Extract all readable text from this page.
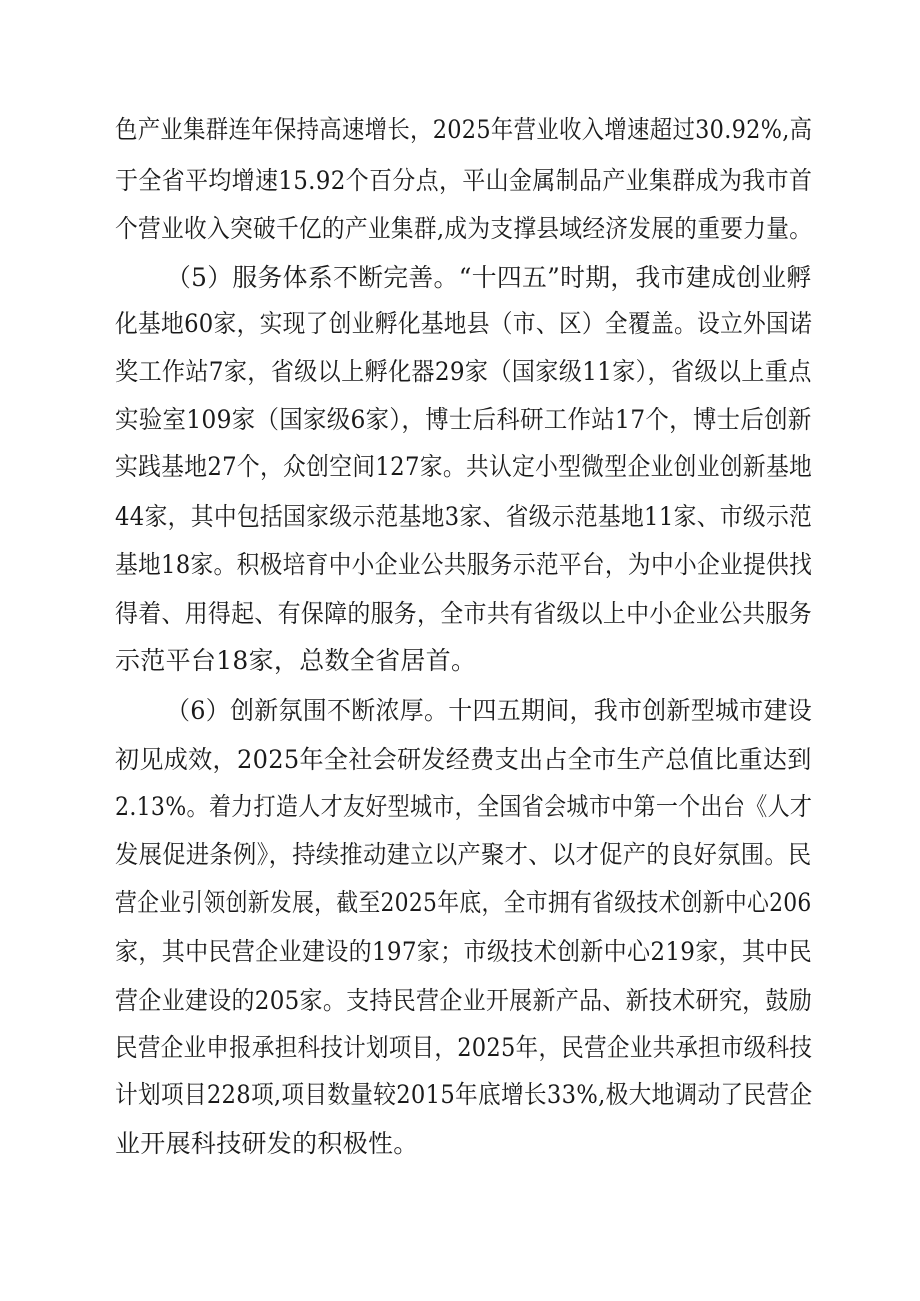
色产业集群连年保持高速增长，2025年营业收入增速超过30.92%,高
于全省平均增速15.92个百分点，平山金属制品产业集群成为我市首
个营业收入突破千亿的产业集群,成为支撑县域经济发展的重要力量。
（5）服务体系不断完善。“十四五”时期，我市建成创业孵
化基地60家，实现了创业孵化基地县（市、区）全覆盖。设立外国诺
奖工作站7家，省级以上孵化器29家（国家级11家），省级以上重点
实验室109家（国家级6家），博士后科研工作站17个，博士后创新
实践基地27个，众创空间127家。共认定小型微型企业创业创新基地
44家，其中包括国家级示范基地3家、省级示范基地11家、市级示范
基地18家。积极培育中小企业公共服务示范平台，为中小企业提供找
得着、用得起、有保障的服务，全市共有省级以上中小企业公共服务
示范平台18家，总数全省居首。
（6）创新氛围不断浓厚。十四五期间，我市创新型城市建设
初见成效，2025年全社会研发经费支出占全市生产总值比重达到
2.13%。着力打造人才友好型城市，全国省会城市中第一个出台《人才
发展促进条例》，持续推动建立以产聚才、以才促产的良好氛围。民
营企业引领创新发展，截至2025年底，全市拥有省级技术创新中心206
家，其中民营企业建设的197家；市级技术创新中心219家，其中民
营企业建设的205家。支持民营企业开展新产品、新技术研究，鼓励
民营企业申报承担科技计划项目，2025年，民营企业共承担市级科技
计划项目228项,项目数量较2015年底增长33%,极大地调动了民营企
业开展科技研发的积极性。
